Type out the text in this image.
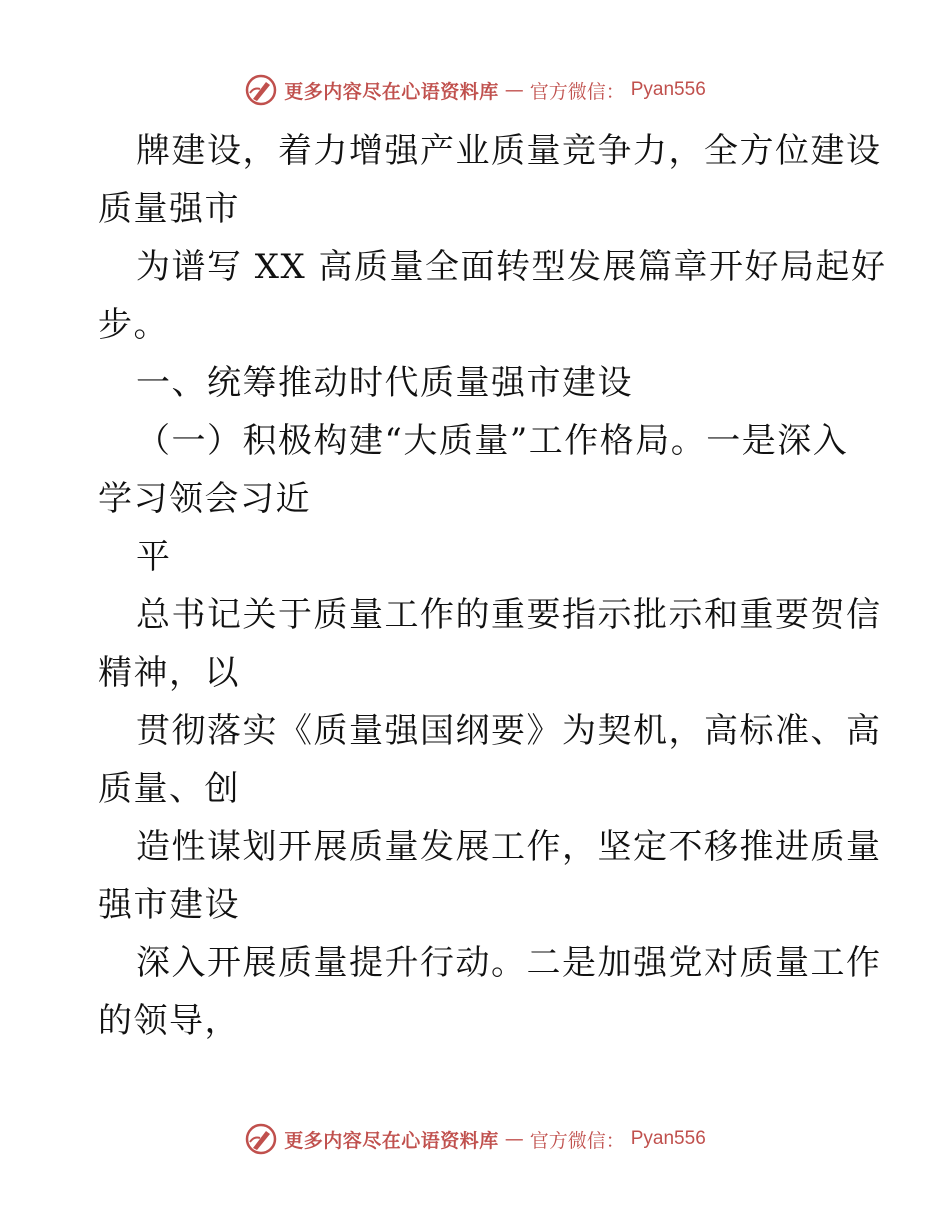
更多内容尽在心语资料库 — 官方微信： Pyan556
牌建设，着力增强产业质量竞争力，全方位建设
质量强市
为谱写 XX 高质量全面转型发展篇章开好局起好
步。
一、统筹推动时代质量强市建设
（一）积极构建“大质量”工作格局。一是深入
学习领会习近
平
总书记关于质量工作的重要指示批示和重要贺信
精神，以
贯彻落实《质量强国纲要》为契机，高标准、高
质量、创
造性谋划开展质量发展工作，坚定不移推进质量
强市建设
深入开展质量提升行动。二是加强党对质量工作
的领导，
更多内容尽在心语资料库 — 官方微信： Pyan556
